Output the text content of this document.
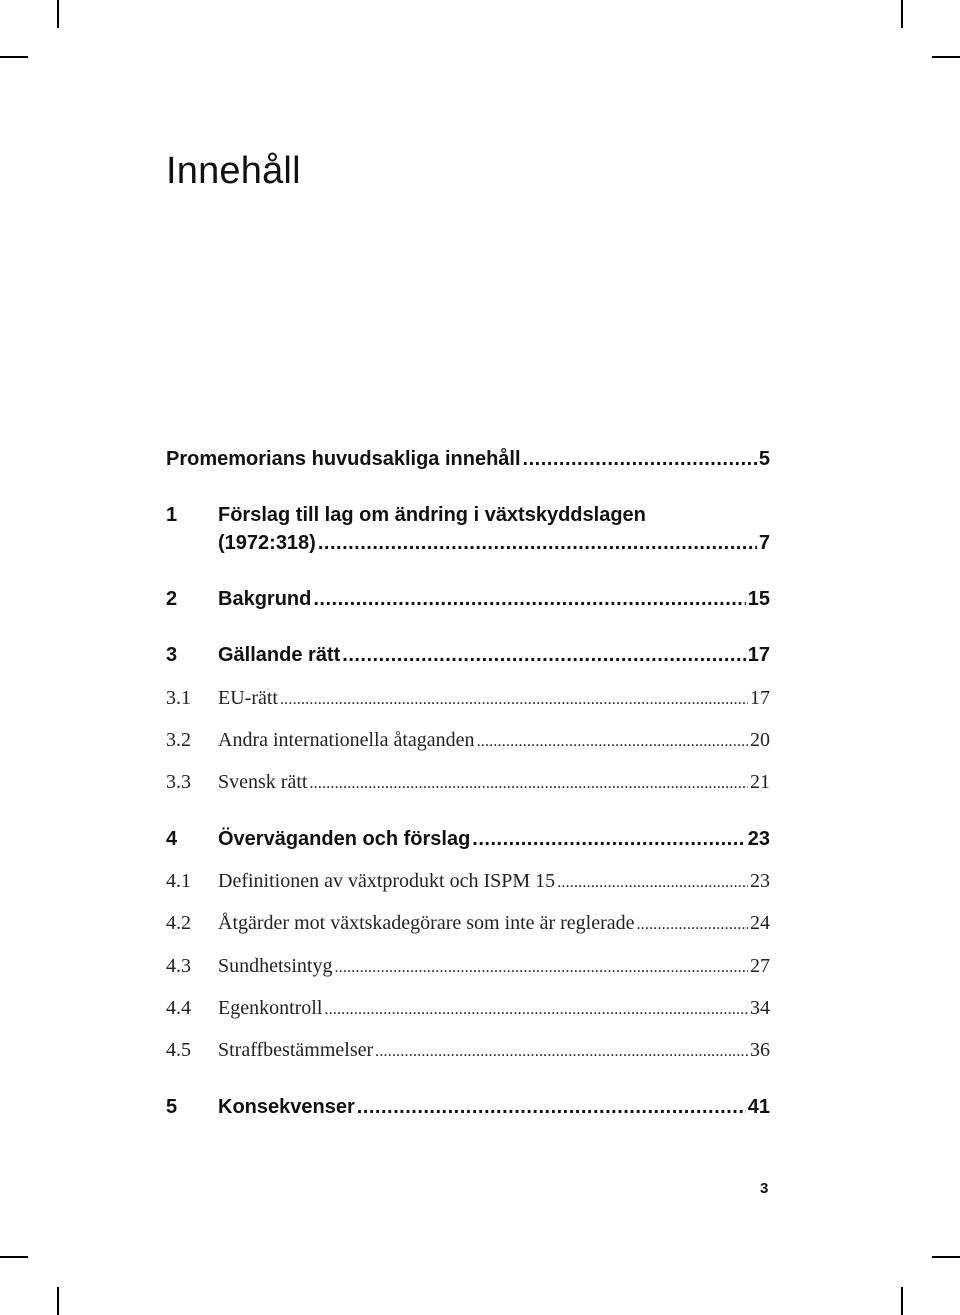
Innehåll
Promemorians huvudsakliga innehåll .....	5
1	Förslag till lag om ändring i växtskyddslagen
(1972:318) .....	7
2	Bakgrund .....	15
3	Gällande rätt .....	17
3.1	EU-rätt .....	17
3.2	Andra internationella åtaganden .....	20
3.3	Svensk rätt .....	21
4	Överväganden och förslag .....	23
4.1	Definitionen av växtprodukt och ISPM 15 .....	23
4.2	Åtgärder mot växtskadegörare som inte är reglerade .....	24
4.3	Sundhetsintyg .....	27
4.4	Egenkontroll .....	34
4.5	Straffbestämmelser .....	36
5	Konsekvenser .....	41
3
